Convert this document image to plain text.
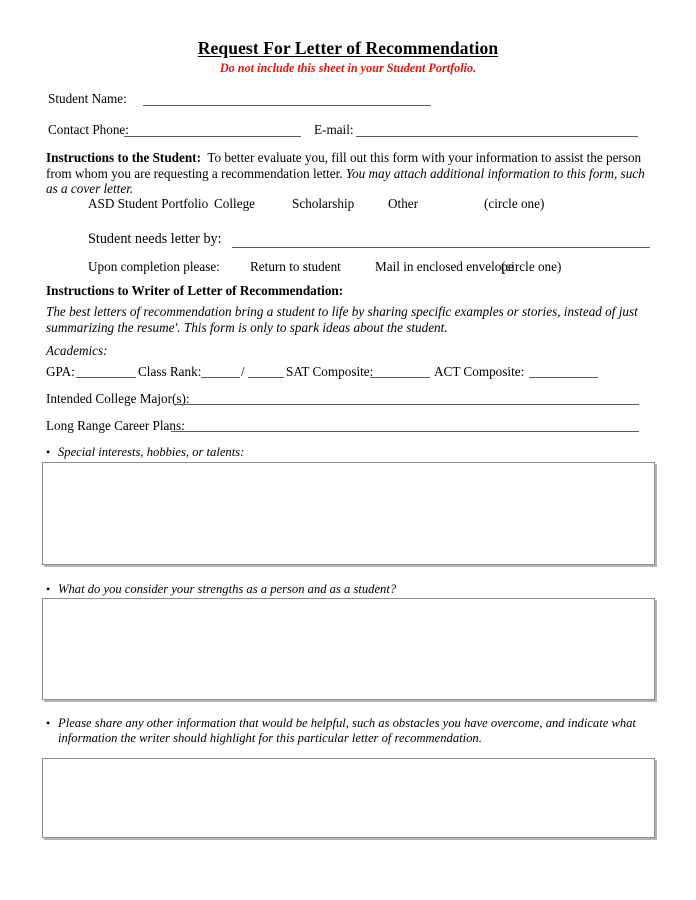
Request For Letter of Recommendation
Do not include this sheet in your Student Portfolio.
Student Name:
Contact Phone:	E-mail:
Instructions to the Student: To better evaluate you, fill out this form with your information to assist the person from whom you are requesting a recommendation letter. You may attach additional information to this form, such as a cover letter.
ASD Student Portfolio College	Scholarship	Other	(circle one)
Student needs letter by:
Upon completion please: Return to student	Mail in enclosed envelope
(circle one)
Instructions to Writer of Letter of Recommendation:
The best letters of recommendation bring a student to life by sharing specific examples or stories, instead of just summarizing the resume'. This form is only to spark ideas about the student.
Academics:
GPA:	Class Rank:	/	SAT Composite:	ACT Composite:
Intended College Major(s):
Long Range Career Plans:
• Special interests, hobbies, or talents:
• What do you consider your strengths as a person and as a student?
• Please share any other information that would be helpful, such as obstacles you have overcome, and indicate what information the writer should highlight for this particular letter of recommendation.
